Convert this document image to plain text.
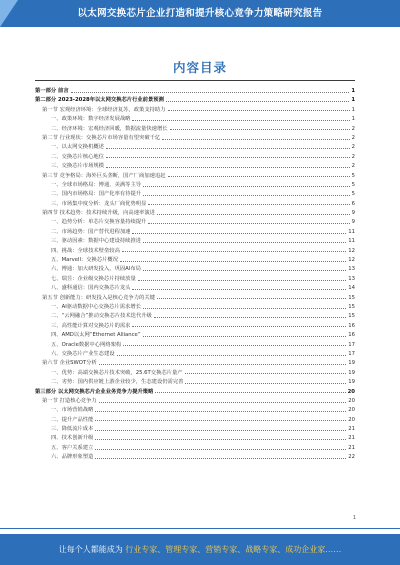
以太网交换芯片企业打造和提升核心竞争力策略研究报告
内容目录
第一部分 前言	1
第二部分 2023-2028年以太网交换芯片行业前景预测	1
第一节 宏观经济环境：全球经济复苏，政策支持助力	1
一、政策环境：数字经济发展战略	1
二、经济环境：宏观经济回暖，数据流量快速增长	2
第二节 行业现状：交换芯片市场容量有望突破千亿	2
一、以太网交换机概述	2
二、交换芯片核心地位	2
三、交换芯片市场规模	2
第三节 竞争格局：海外巨头垄断，国产厂商加速追赶	5
一、全球市场格局：博通、美满等主导	5
二、国内市场格局：国产化率有待提升	5
三、市场集中度分析：龙头厂商优势明显	6
第四节 技术趋势：技术持续升级，向高速率演进	9
一、趋势分析：单芯片交换容量持续提升	9
二、市场趋势：国产替代进程加速	11
三、驱动因素：数据中心建设持续推进	11
四、挑战：全球技术壁垒较高	12
五、Marvell：交换芯片概况	12
六、博通：加大研发投入，巩固AI布局	13
七、瑞昱：企业级交换芯片持续放量	13
八、盛科通信：国内交换芯片龙头	14
第五节 创新能力：研发投入是核心竞争力的关键	15
一、AI驱动数据中心交换芯片需求增长	15
二、“云网融合”推动交换芯片技术迭代升级	15
三、高性能计算对交换芯片的需求	16
四、AMD以太网“Ethernet Alliance”	16
五、Oracle数据中心网络架构	17
六、交换芯片产业生态建设	17
第六节 企业SWOT分析	19
一、优势：高端交换芯片技术突破，25.6T交换芯片量产	19
二、劣势：国内供应链上游企业较少，生态建设仍需完善	19
第三部分 以太网交换芯片企业业务竞争力提升策略	20
第一节 打造核心竞争力	20
一、市场营销战略	20
二、提升产品性能	20
三、降低流片成本	21
四、技术创新升级	21
五、客户关系建立	21
六、品牌形象塑造	22
1
让每个人都能成为 行业专家、管理专家、营销专家、战略专家、成功企业家……
